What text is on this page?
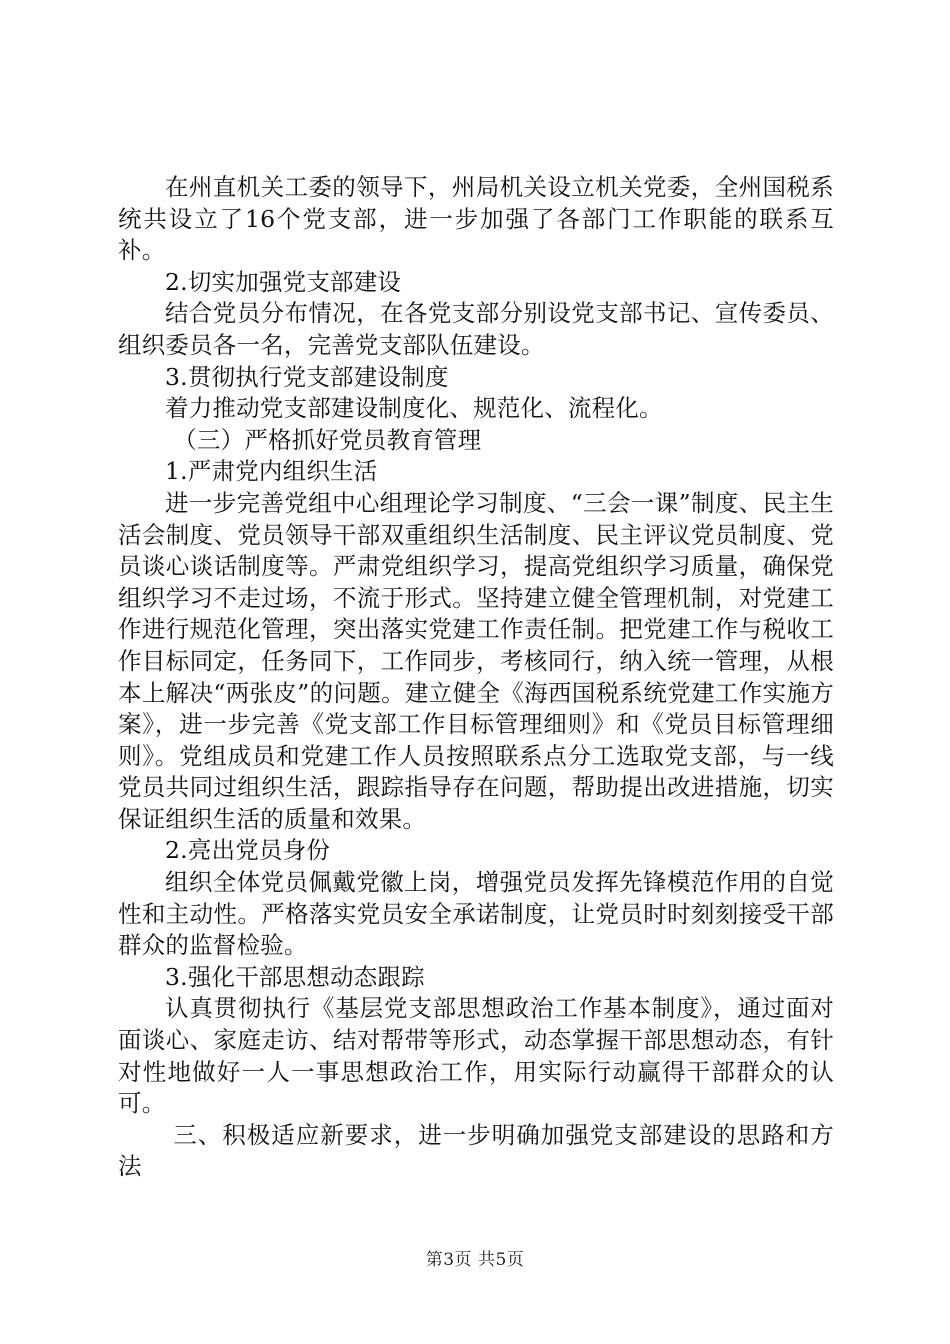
在州直机关工委的领导下，州局机关设立机关党委，全州国税系统共设立了16个党支部，进一步加强了各部门工作职能的联系互补。

2.切实加强党支部建设

结合党员分布情况，在各党支部分别设党支部书记、宣传委员、组织委员各一名，完善党支部队伍建设。

3.贯彻执行党支部建设制度

着力推动党支部建设制度化、规范化、流程化。

（三）严格抓好党员教育管理

1.严肃党内组织生活

进一步完善党组中心组理论学习制度、“三会一课”制度、民主生活会制度、党员领导干部双重组织生活制度、民主评议党员制度、党员谈心谈话制度等。严肃党组织学习，提高党组织学习质量，确保党组织学习不走过场，不流于形式。坚持建立健全管理机制，对党建工作进行规范化管理，突出落实党建工作责任制。把党建工作与税收工作目标同定，任务同下，工作同步，考核同行，纳入统一管理，从根本上解决“两张皮”的问题。建立健全《海西国税系统党建工作实施方案》，进一步完善《党支部工作目标管理细则》和《党员目标管理细则》。党组成员和党建工作人员按照联系点分工选取党支部，与一线党员共同过组织生活，跟踪指导存在问题，帮助提出改进措施，切实保证组织生活的质量和效果。

2.亮出党员身份

组织全体党员佩戴党徽上岗，增强党员发挥先锋模范作用的自觉性和主动性。严格落实党员安全承诺制度，让党员时时刻刻接受干部群众的监督检验。

3.强化干部思想动态跟踪

认真贯彻执行《基层党支部思想政治工作基本制度》，通过面对面谈心、家庭走访、结对帮带等形式，动态掌握干部思想动态，有针对性地做好一人一事思想政治工作，用实际行动赢得干部群众的认可。

三、积极适应新要求，进一步明确加强党支部建设的思路和方法

第3页 共5页
